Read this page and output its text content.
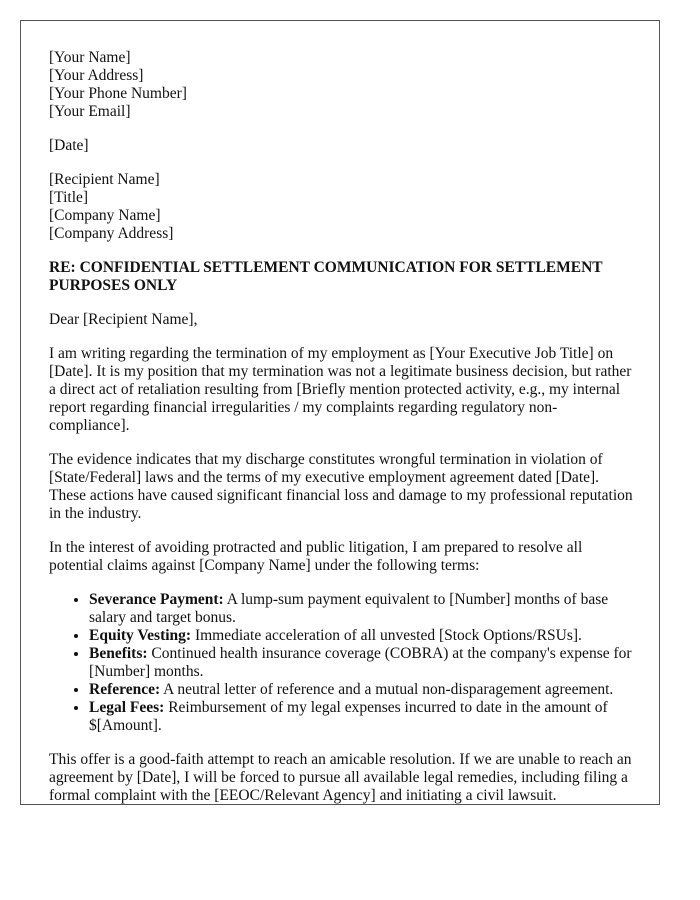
[Your Name]
[Your Address]
[Your Phone Number]
[Your Email]
[Date]
[Recipient Name]
[Title]
[Company Name]
[Company Address]

RE: CONFIDENTIAL SETTLEMENT COMMUNICATION FOR SETTLEMENT PURPOSES ONLY

Dear [Recipient Name],

I am writing regarding the termination of my employment as [Your Executive Job Title] on [Date]. It is my position that my termination was not a legitimate business decision, but rather a direct act of retaliation resulting from [Briefly mention protected activity, e.g., my internal report regarding financial irregularities / my complaints regarding regulatory non-compliance].

The evidence indicates that my discharge constitutes wrongful termination in violation of [State/Federal] laws and the terms of my executive employment agreement dated [Date]. These actions have caused significant financial loss and damage to my professional reputation in the industry.

In the interest of avoiding protracted and public litigation, I am prepared to resolve all potential claims against [Company Name] under the following terms:

• Severance Payment: A lump-sum payment equivalent to [Number] months of base salary and target bonus.
• Equity Vesting: Immediate acceleration of all unvested [Stock Options/RSUs].
• Benefits: Continued health insurance coverage (COBRA) at the company's expense for [Number] months.
• Reference: A neutral letter of reference and a mutual non-disparagement agreement.
• Legal Fees: Reimbursement of my legal expenses incurred to date in the amount of $[Amount].

This offer is a good-faith attempt to reach an amicable resolution. If we are unable to reach an agreement by [Date], I will be forced to pursue all available legal remedies, including filing a formal complaint with the [EEOC/Relevant Agency] and initiating a civil lawsuit.
